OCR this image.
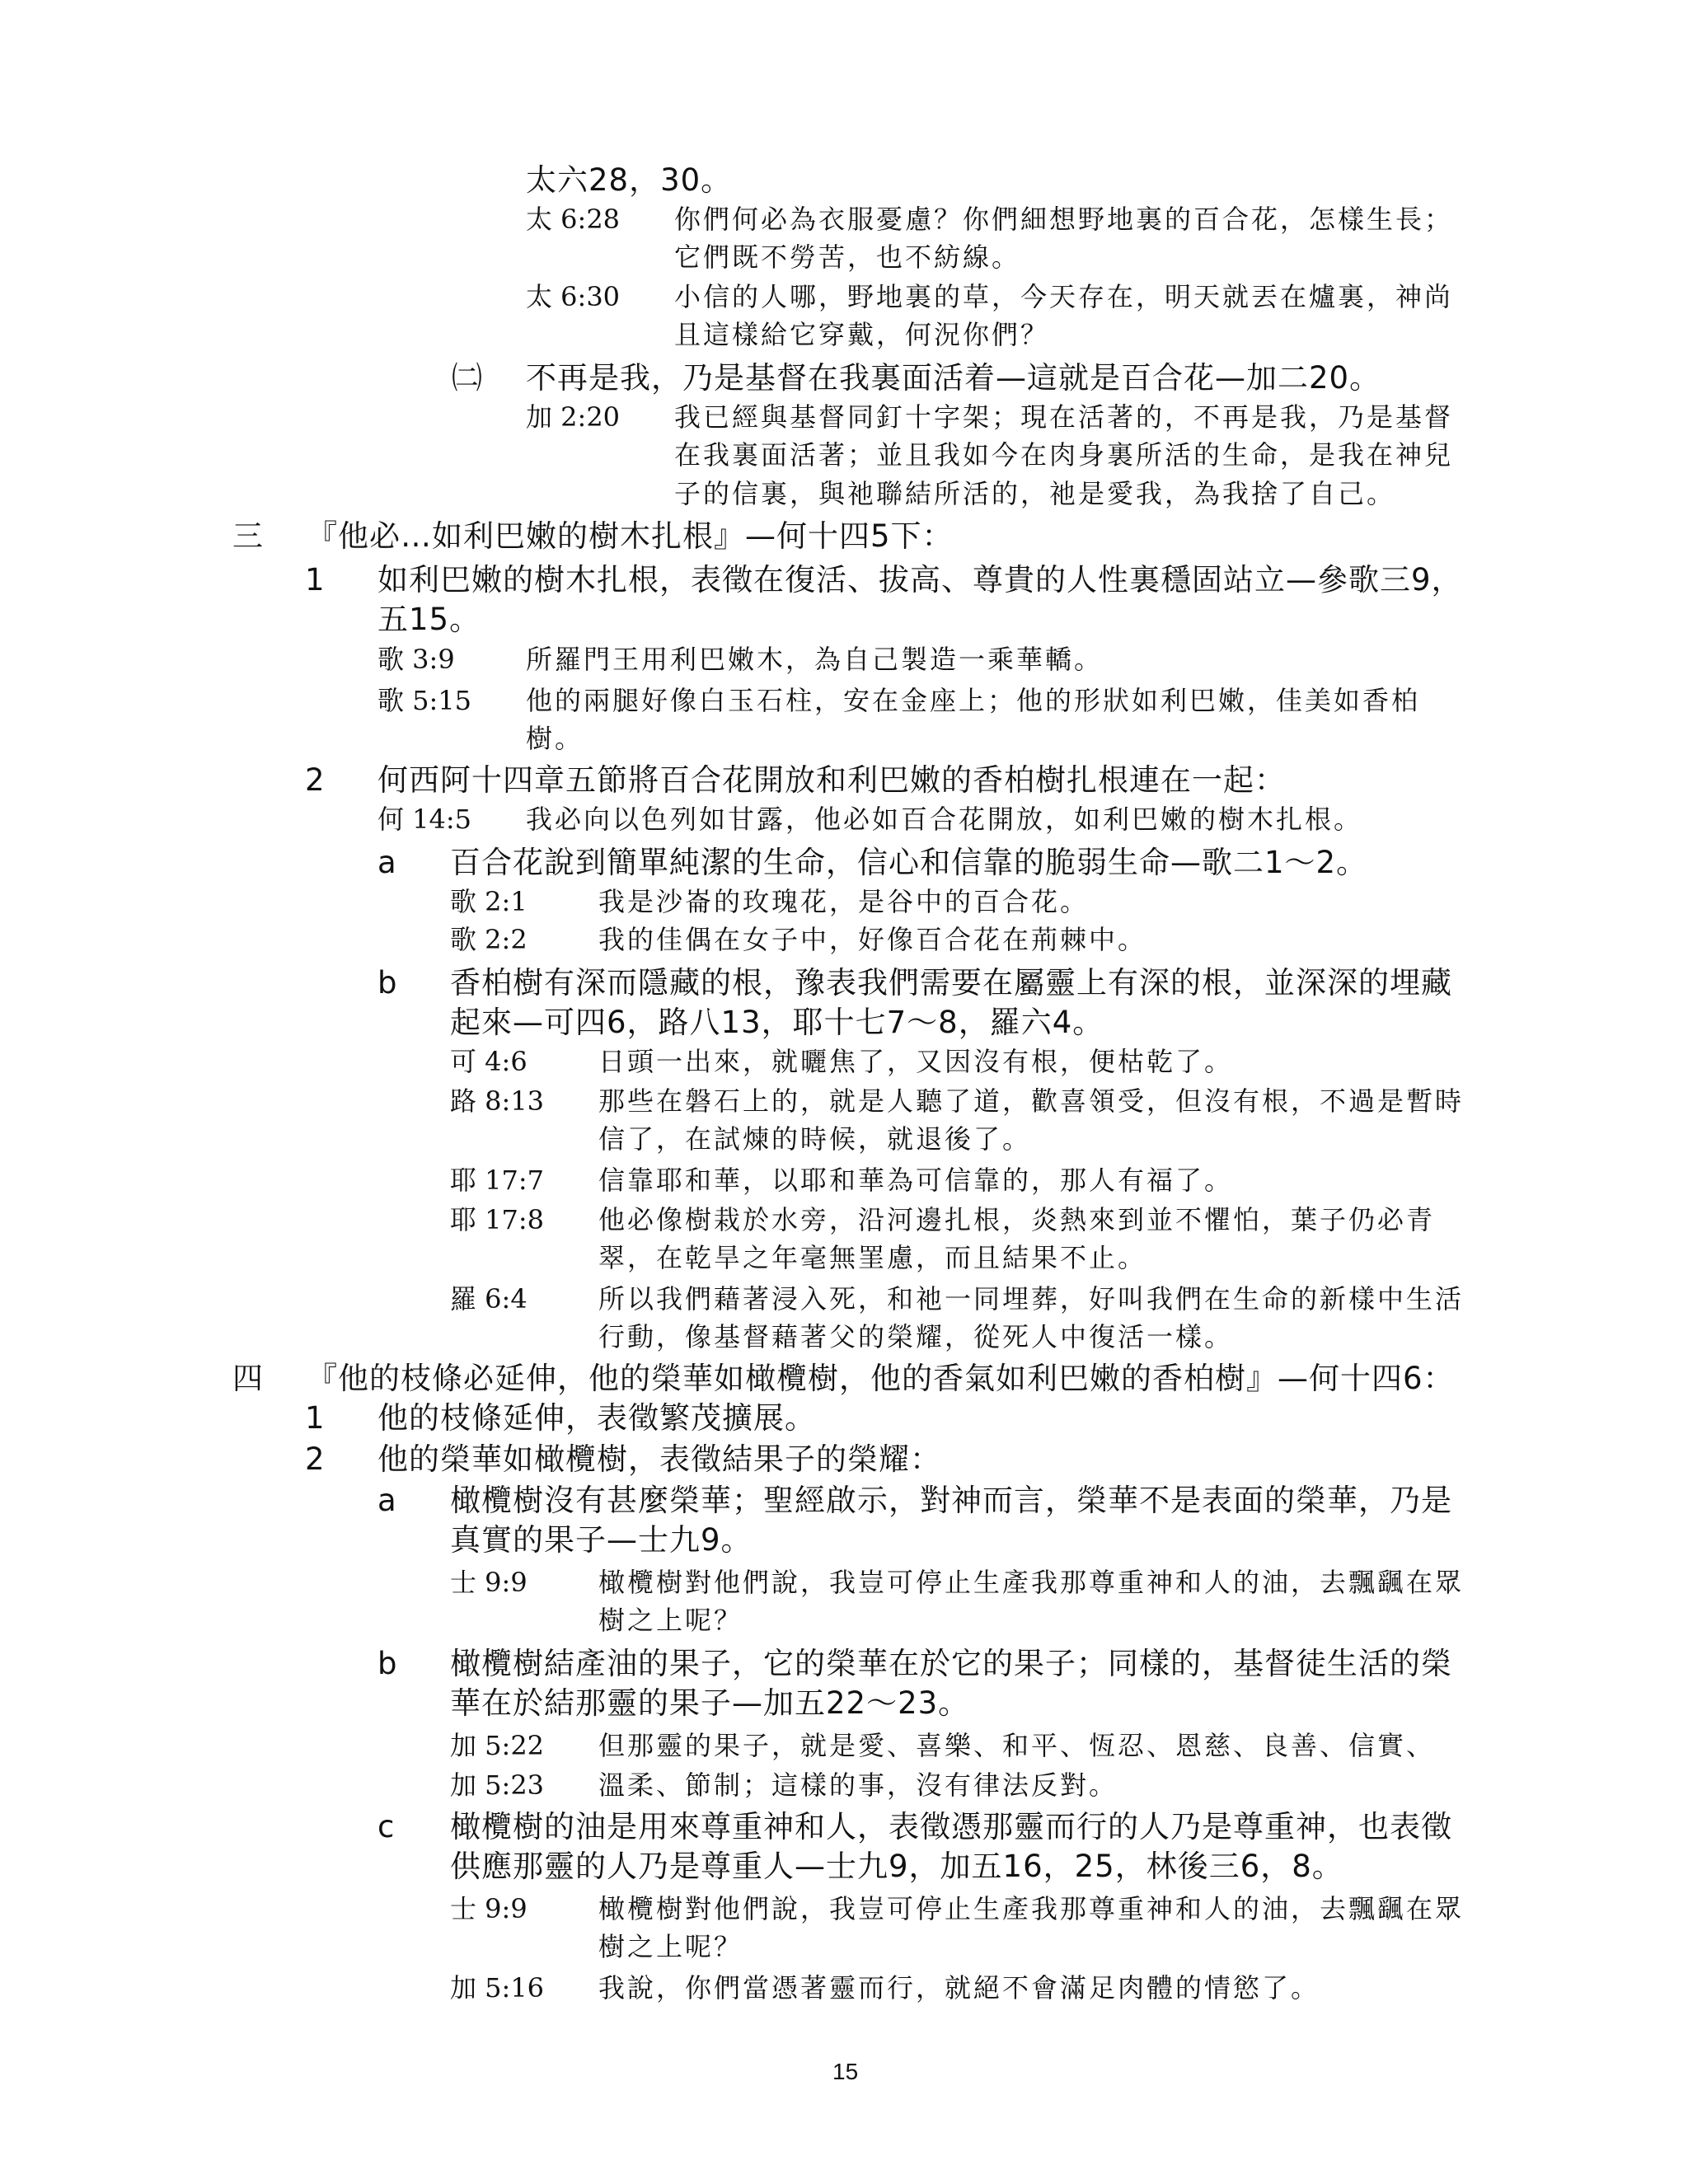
太六28，30。
太 6:28 你們何必為衣服憂慮？你們細想野地裏的百合花，怎樣生長；
它們既不勞苦，也不紡線。
太 6:30 小信的人哪，野地裏的草，今天存在，明天就丟在爐裏，神尚
且這樣給它穿戴，何況你們？
㈡ 不再是我，乃是基督在我裏面活着—這就是百合花—加二20。
加 2:20 我已經與基督同釘十字架；現在活著的，不再是我，乃是基督
在我裏面活著；並且我如今在肉身裏所活的生命，是我在神兒
子的信裏，與祂聯結所活的，祂是愛我，為我捨了自己。
三 『他必…如利巴嫩的樹木扎根』—何十四5下：
1 如利巴嫩的樹木扎根，表徵在復活、拔高、尊貴的人性裏穩固站立—參歌三9，
五15。
歌 3:9	所羅門王用利巴嫩木，為自己製造一乘華轎。
歌 5:15 他的兩腿好像白玉石柱，安在金座上；他的形狀如利巴嫩，佳美如香柏
樹。
2 何西阿十四章五節將百合花開放和利巴嫩的香柏樹扎根連在一起：
何 14:5 我必向以色列如甘露，他必如百合花開放，如利巴嫩的樹木扎根。
a 百合花說到簡單純潔的生命，信心和信靠的脆弱生命—歌二1～2。
歌 2:1	我是沙崙的玫瑰花，是谷中的百合花。
歌 2:2	我的佳偶在女子中，好像百合花在荊棘中。
b 香柏樹有深而隱藏的根，豫表我們需要在屬靈上有深的根，並深深的埋藏
起來—可四6，路八13，耶十七7～8，羅六4。
可 4:6	日頭一出來，就曬焦了，又因沒有根，便枯乾了。
路 8:13 那些在磐石上的，就是人聽了道，歡喜領受，但沒有根，不過是暫時
信了，在試煉的時候，就退後了。
耶 17:7 信靠耶和華，以耶和華為可信靠的，那人有福了。
耶 17:8 他必像樹栽於水旁，沿河邊扎根，炎熱來到並不懼怕，葉子仍必青
翠，在乾旱之年毫無罣慮，而且結果不止。
羅 6:4	所以我們藉著浸入死，和祂一同埋葬，好叫我們在生命的新樣中生活
行動，像基督藉著父的榮耀，從死人中復活一樣。
四 『他的枝條必延伸，他的榮華如橄欖樹，他的香氣如利巴嫩的香柏樹』—何十四6：
1 他的枝條延伸，表徵繁茂擴展。
2 他的榮華如橄欖樹，表徵結果子的榮耀：
a 橄欖樹沒有甚麼榮華；聖經啟示，對神而言，榮華不是表面的榮華，乃是
真實的果子—士九9。
士 9:9	橄欖樹對他們說，我豈可停止生產我那尊重神和人的油，去飄颻在眾
樹之上呢？
b 橄欖樹結產油的果子，它的榮華在於它的果子；同樣的，基督徒生活的榮
華在於結那靈的果子—加五22～23。
加 5:22 但那靈的果子，就是愛、喜樂、和平、恆忍、恩慈、良善、信實、
加 5:23 溫柔、節制；這樣的事，沒有律法反對。
c 橄欖樹的油是用來尊重神和人，表徵憑那靈而行的人乃是尊重神，也表徵
供應那靈的人乃是尊重人—士九9，加五16，25，林後三6，8。
士 9:9	橄欖樹對他們說，我豈可停止生產我那尊重神和人的油，去飄颻在眾
樹之上呢？
加 5:16 我說，你們當憑著靈而行，就絕不會滿足肉體的情慾了。
15
